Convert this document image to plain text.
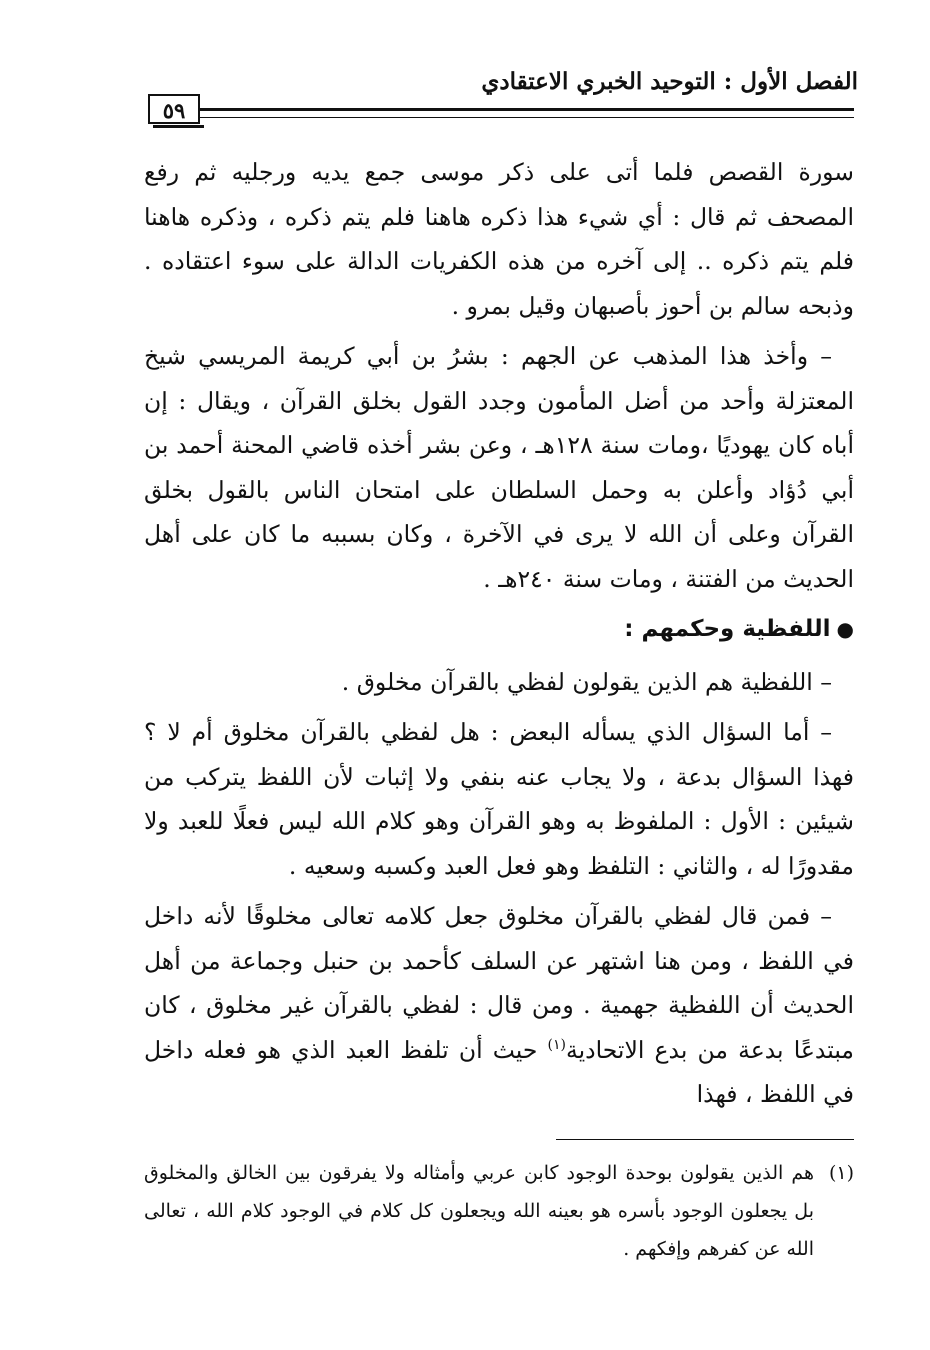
الفصل الأول : التوحيد الخبري الاعتقادي
٥٩

سورة القصص فلما أتى على ذكر موسى جمع يديه ورجليه ثم رفع المصحف ثم قال : أي شيء هذا ذكره هاهنا فلم يتم ذكره ، وذكره هاهنا فلم يتم ذكره .. إلى آخره من هذه الكفريات الدالة على سوء اعتقاده . وذبحه سالم بن أحوز بأصبهان وقيل بمرو .

– وأخذ هذا المذهب عن الجهم : بشرُ بن أبي كريمة المريسي شيخ المعتزلة وأحد من أضل المأمون وجدد القول بخلق القرآن ، ويقال : إن أباه كان يهوديًا ،ومات سنة ١٢٨هـ ، وعن بشر أخذه قاضي المحنة أحمد بن أبي دُؤاد وأعلن به وحمل السلطان على امتحان الناس بالقول بخلق القرآن وعلى أن الله لا يرى في الآخرة ، وكان بسببه ما كان على أهل الحديث من الفتنة ، ومات سنة ٢٤٠هـ .

●اللفظية وحكمهم :

– اللفظية هم الذين يقولون لفظي بالقرآن مخلوق .

– أما السؤال الذي يسأله البعض : هل لفظي بالقرآن مخلوق أم لا ؟ فهذا السؤال بدعة ، ولا يجاب عنه بنفي ولا إثبات لأن اللفظ يتركب من شيئين : الأول : الملفوظ به وهو القرآن وهو كلام الله ليس فعلًا للعبد ولا مقدورًا له ، والثاني : التلفظ وهو فعل العبد وكسبه وسعيه .

– فمن قال لفظي بالقرآن مخلوق جعل كلامه تعالى مخلوقًا لأنه داخل في اللفظ ، ومن هنا اشتهر عن السلف كأحمد بن حنبل وجماعة من أهل الحديث أن اللفظية جهمية . ومن قال : لفظي بالقرآن غير مخلوق ، كان مبتدعًا بدعة من بدع الاتحادية$^{(١)}$ حيث أن تلفظ العبد الذي هو فعله داخل في اللفظ ، فهذا

(١)
هم الذين يقولون بوحدة الوجود كابن عربي وأمثاله ولا يفرقون بين الخالق والمخلوق بل يجعلون الوجود بأسره هو بعينه الله ويجعلون كل كلام في الوجود كلام الله ، تعالى الله عن كفرهم وإفكهم .
